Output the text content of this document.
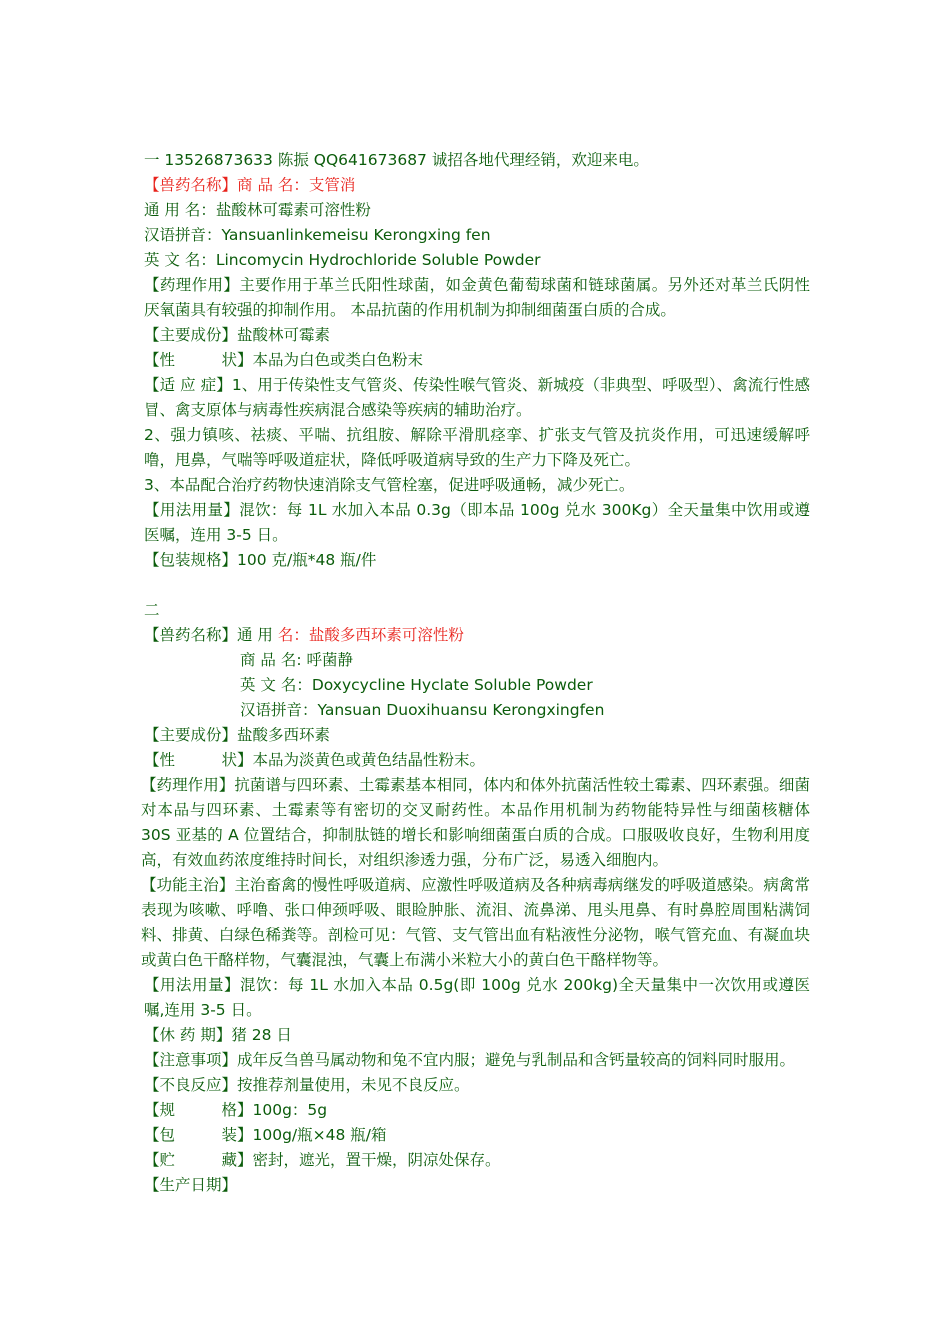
一 13526873633 陈振 QQ641673687 诚招各地代理经销，欢迎来电。
【兽药名称】商 品 名：支管消
通 用 名：盐酸林可霉素可溶性粉
汉语拼音：Yansuanlinkemeisu Kerongxing fen
英 文 名：Lincomycin Hydrochloride Soluble Powder
【药理作用】主要作用于革兰氏阳性球菌，如金黄色葡萄球菌和链球菌属。另外还对革兰氏阴性厌氧菌具有较强的抑制作用。 本品抗菌的作用机制为抑制细菌蛋白质的合成。
【主要成份】盐酸林可霉素
【性　　　状】本品为白色或类白色粉末
【适 应 症】1、用于传染性支气管炎、传染性喉气管炎、新城疫（非典型、呼吸型）、禽流行性感冒、禽支原体与病毒性疾病混合感染等疾病的辅助治疗。
2、强力镇咳、祛痰、平喘、抗组胺、解除平滑肌痉挛、扩张支气管及抗炎作用，可迅速缓解呼噜，甩鼻，气喘等呼吸道症状，降低呼吸道病导致的生产力下降及死亡。
3、本品配合治疗药物快速消除支气管栓塞，促进呼吸通畅，减少死亡。
【用法用量】混饮：每 1L 水加入本品 0.3g（即本品 100g 兑水 300Kg）全天量集中饮用或遵医嘱，连用 3-5 日。
【包装规格】100 克/瓶*48 瓶/件
二
【兽药名称】通 用 名：盐酸多西环素可溶性粉
商 品 名: 呼菌静
英 文 名：Doxycycline Hyclate Soluble Powder
汉语拼音：Yansuan Duoxihuansu Kerongxingfen
【主要成份】盐酸多西环素
【性　　　状】本品为淡黄色或黄色结晶性粉末。
【药理作用】抗菌谱与四环素、土霉素基本相同，体内和体外抗菌活性较土霉素、四环素强。细菌对本品与四环素、土霉素等有密切的交叉耐药性。本品作用机制为药物能特异性与细菌核糖体 30S 亚基的 A 位置结合，抑制肽链的增长和影响细菌蛋白质的合成。口服吸收良好，生物利用度高，有效血药浓度维持时间长，对组织渗透力强，分布广泛，易透入细胞内。
【功能主治】主治畜禽的慢性呼吸道病、应激性呼吸道病及各种病毒病继发的呼吸道感染。病禽常表现为咳嗽、呼噜、张口伸颈呼吸、眼睑肿胀、流泪、流鼻涕、甩头甩鼻、有时鼻腔周围粘满饲料、排黄、白绿色稀粪等。剖检可见：气管、支气管出血有粘液性分泌物，喉气管充血、有凝血块或黄白色干酪样物，气囊混浊，气囊上布满小米粒大小的黄白色干酪样物等。
【用法用量】混饮：每 1L 水加入本品 0.5g(即 100g 兑水 200kg)全天量集中一次饮用或遵医嘱,连用 3-5 日。
【休 药 期】猪 28 日
【注意事项】成年反刍兽马属动物和兔不宜内服；避免与乳制品和含钙量较高的饲料同时服用。
【不良反应】按推荐剂量使用，未见不良反应。
【规　　　格】100g：5g
【包　　　装】100g/瓶×48 瓶/箱
【贮　　　藏】密封，遮光，置干燥，阴凉处保存。
【生产日期】
